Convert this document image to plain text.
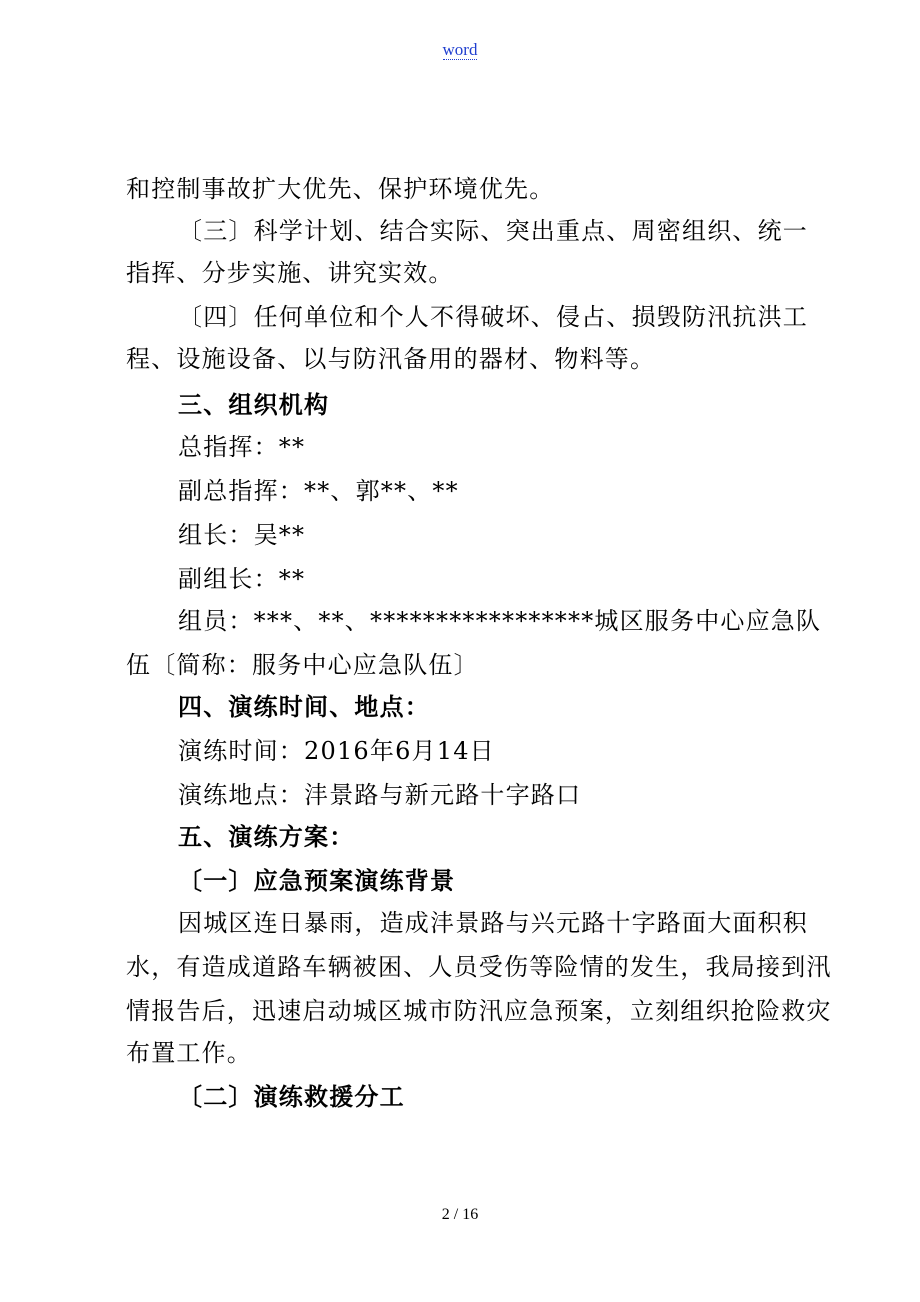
word
和控制事故扩大优先、保护环境优先。
〔三〕科学计划、结合实际、突出重点、周密组织、统一
指挥、分步实施、讲究实效。
〔四〕任何单位和个人不得破坏、侵占、损毁防汛抗洪工
程、设施设备、以与防汛备用的器材、物料等。
三、组织机构
总指挥：**
副总指挥：**、郭**、**
组长：吴**
副组长：**
组员：***、**、*****************城区服务中心应急队
伍〔简称：服务中心应急队伍〕
四、演练时间、地点：
演练时间：2016年6月14日
演练地点：沣景路与新元路十字路口
五、演练方案：
〔一〕应急预案演练背景
因城区连日暴雨，造成沣景路与兴元路十字路面大面积积
水，有造成道路车辆被困、人员受伤等险情的发生，我局接到汛
情报告后，迅速启动城区城市防汛应急预案，立刻组织抢险救灾
布置工作。
〔二〕演练救援分工
2 / 16
